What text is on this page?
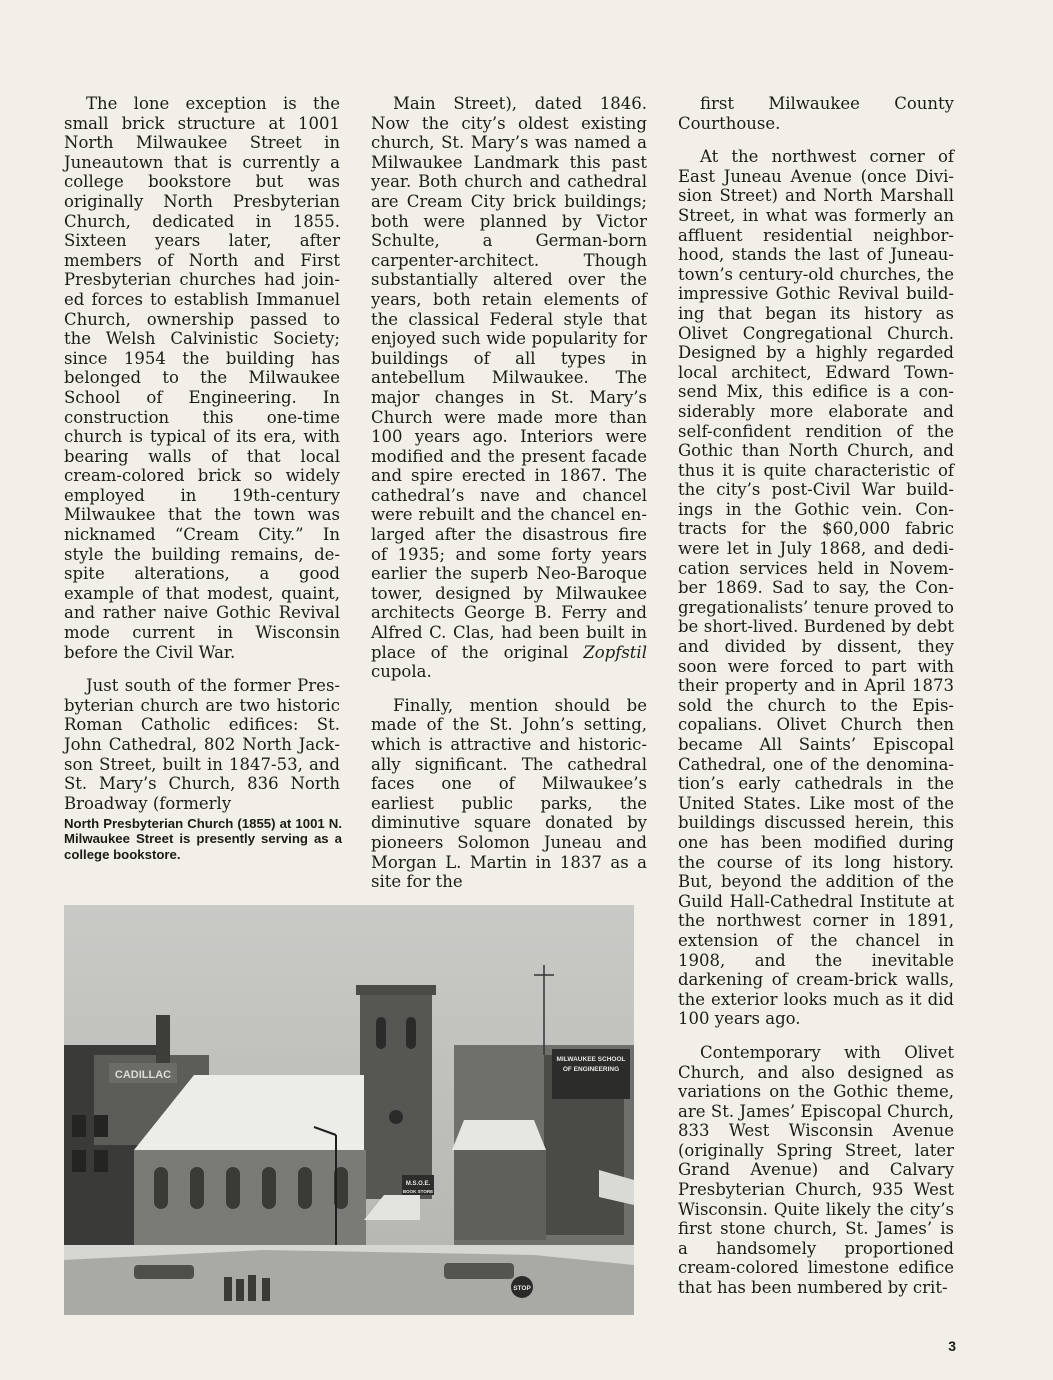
The lone exception is the small brick structure at 1001 North Milwaukee Street in Juneautown that is currently a college bookstore but was originally North Presbyterian Church, dedicated in 1855. Sixteen years later, after members of North and First Presbyterian churches had joined forces to establish Immanuel Church, ownership passed to the Welsh Calvinistic Society; since 1954 the building has belonged to the Milwaukee School of Engineering. In construction this one-time church is typical of its era, with bearing walls of that local cream-colored brick so widely employed in 19th-century Milwaukee that the town was nicknamed “Cream City.” In style the building remains, despite alterations, a good example of that modest, quaint, and rather naive Gothic Revival mode current in Wisconsin before the Civil War.

Just south of the former Presbyterian church are two historic Roman Catholic edifices: St. John Cathedral, 802 North Jackson Street, built in 1847-53, and St. Mary’s Church, 836 North Broadway (formerly

North Presbyterian Church (1855) at 1001 N. Milwaukee Street is presently serving as a college bookstore.

Main Street), dated 1846. Now the city’s oldest existing church, St. Mary’s was named a Milwaukee Landmark this past year. Both church and cathedral are Cream City brick buildings; both were planned by Victor Schulte, a German-born carpenter-architect. Though substantially altered over the years, both retain elements of the classical Federal style that enjoyed such wide popularity for buildings of all types in antebellum Milwaukee. The major changes in St. Mary’s Church were made more than 100 years ago. Interiors were modified and the present facade and spire erected in 1867. The cathedral’s nave and chancel were rebuilt and the chancel enlarged after the disastrous fire of 1935; and some forty years earlier the superb Neo-Baroque tower, designed by Milwaukee architects George B. Ferry and Alfred C. Clas, had been built in place of the original Zopfstil cupola.

Finally, mention should be made of the St. John’s setting, which is attractive and historically significant. The cathedral faces one of Milwaukee’s earliest public parks, the diminutive square donated by pioneers Solomon Juneau and Morgan L. Martin in 1837 as a site for the

first Milwaukee County Courthouse.

At the northwest corner of East Juneau Avenue (once Division Street) and North Marshall Street, in what was formerly an affluent residential neighborhood, stands the last of Juneautown’s century-old churches, the impressive Gothic Revival building that began its history as Olivet Congregational Church. Designed by a highly regarded local architect, Edward Townsend Mix, this edifice is a considerably more elaborate and self-confident rendition of the Gothic than North Church, and thus it is quite characteristic of the city’s post-Civil War buildings in the Gothic vein. Contracts for the $60,000 fabric were let in July 1868, and dedication services held in November 1869. Sad to say, the Congregationalists’ tenure proved to be short-lived. Burdened by debt and divided by dissent, they soon were forced to part with their property and in April 1873 sold the church to the Episcopalians. Olivet Church then became All Saints’ Episcopal Cathedral, one of the denomination’s early cathedrals in the United States. Like most of the buildings discussed herein, this one has been modified during the course of its long history. But, beyond the addition of the Guild Hall-Cathedral Institute at the northwest corner in 1891, extension of the chancel in 1908, and the inevitable darkening of cream-brick walls, the exterior looks much as it did 100 years ago.

Contemporary with Olivet Church, and also designed as variations on the Gothic theme, are St. James’ Episcopal Church, 833 West Wisconsin Avenue (originally Spring Street, later Grand Avenue) and Calvary Presbyterian Church, 935 West Wisconsin. Quite likely the city’s first stone church, St. James’ is a handsomely proportioned cream-colored limestone edifice that has been numbered by crit-

CADILLAC
MILWAUKEE SCHOOL
OF ENGINEERING
M.S.O.E.
BOOK STORE
STOP
3
